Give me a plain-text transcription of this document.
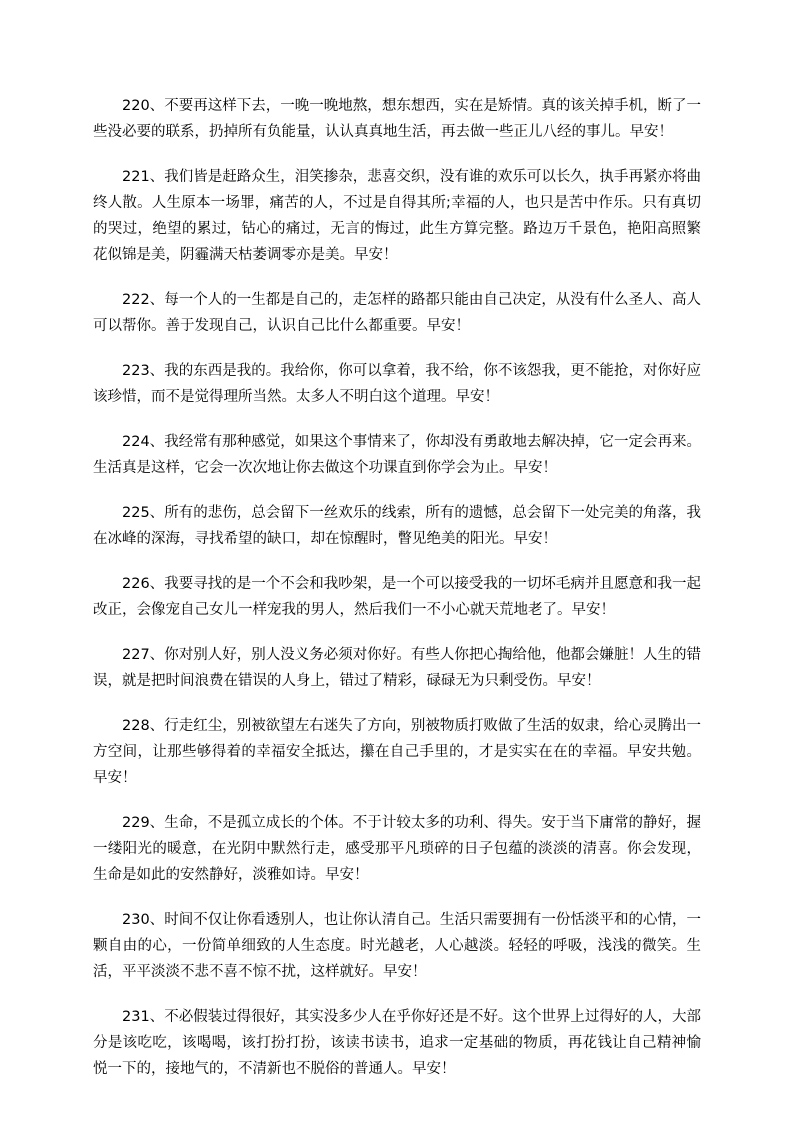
220、不要再这样下去，一晚一晚地熬，想东想西，实在是矫情。真的该关掉手机，断了一些没必要的联系，扔掉所有负能量，认认真真地生活，再去做一些正儿八经的事儿。早安！

221、我们皆是赶路众生，泪笑掺杂，悲喜交织，没有谁的欢乐可以长久，执手再紧亦将曲终人散。人生原本一场罪，痛苦的人，不过是自得其所;幸福的人，也只是苦中作乐。只有真切的哭过，绝望的累过，钻心的痛过，无言的悔过，此生方算完整。路边万千景色，艳阳高照繁花似锦是美，阴霾满天枯萎调零亦是美。早安！

222、每一个人的一生都是自己的，走怎样的路都只能由自己决定，从没有什么圣人、高人可以帮你。善于发现自己，认识自己比什么都重要。早安！

223、我的东西是我的。我给你，你可以拿着，我不给，你不该怨我，更不能抢，对你好应该珍惜，而不是觉得理所当然。太多人不明白这个道理。早安！

224、我经常有那种感觉，如果这个事情来了，你却没有勇敢地去解决掉，它一定会再来。生活真是这样，它会一次次地让你去做这个功课直到你学会为止。早安！

225、所有的悲伤，总会留下一丝欢乐的线索，所有的遗憾，总会留下一处完美的角落，我在冰峰的深海，寻找希望的缺口，却在惊醒时，瞥见绝美的阳光。早安！

226、我要寻找的是一个不会和我吵架，是一个可以接受我的一切坏毛病并且愿意和我一起改正，会像宠自己女儿一样宠我的男人，然后我们一不小心就天荒地老了。早安！

227、你对别人好，别人没义务必须对你好。有些人你把心掏给他，他都会嫌脏！人生的错误，就是把时间浪费在错误的人身上，错过了精彩，碌碌无为只剩受伤。早安！

228、行走红尘，别被欲望左右迷失了方向，别被物质打败做了生活的奴隶，给心灵腾出一方空间，让那些够得着的幸福安全抵达，攥在自己手里的，才是实实在在的幸福。早安共勉。早安！

229、生命，不是孤立成长的个体。不于计较太多的功利、得失。安于当下庸常的静好，握一缕阳光的暖意，在光阴中默然行走，感受那平凡琐碎的日子包蕴的淡淡的清喜。你会发现，生命是如此的安然静好，淡雅如诗。早安！

230、时间不仅让你看透别人，也让你认清自己。生活只需要拥有一份恬淡平和的心情，一颗自由的心，一份简单细致的人生态度。时光越老，人心越淡。轻轻的呼吸，浅浅的微笑。生活，平平淡淡不悲不喜不惊不扰，这样就好。早安！

231、不必假装过得很好，其实没多少人在乎你好还是不好。这个世界上过得好的人，大部分是该吃吃，该喝喝，该打扮打扮，该读书读书，追求一定基础的物质，再花钱让自己精神愉悦一下的，接地气的，不清新也不脱俗的普通人。早安！
